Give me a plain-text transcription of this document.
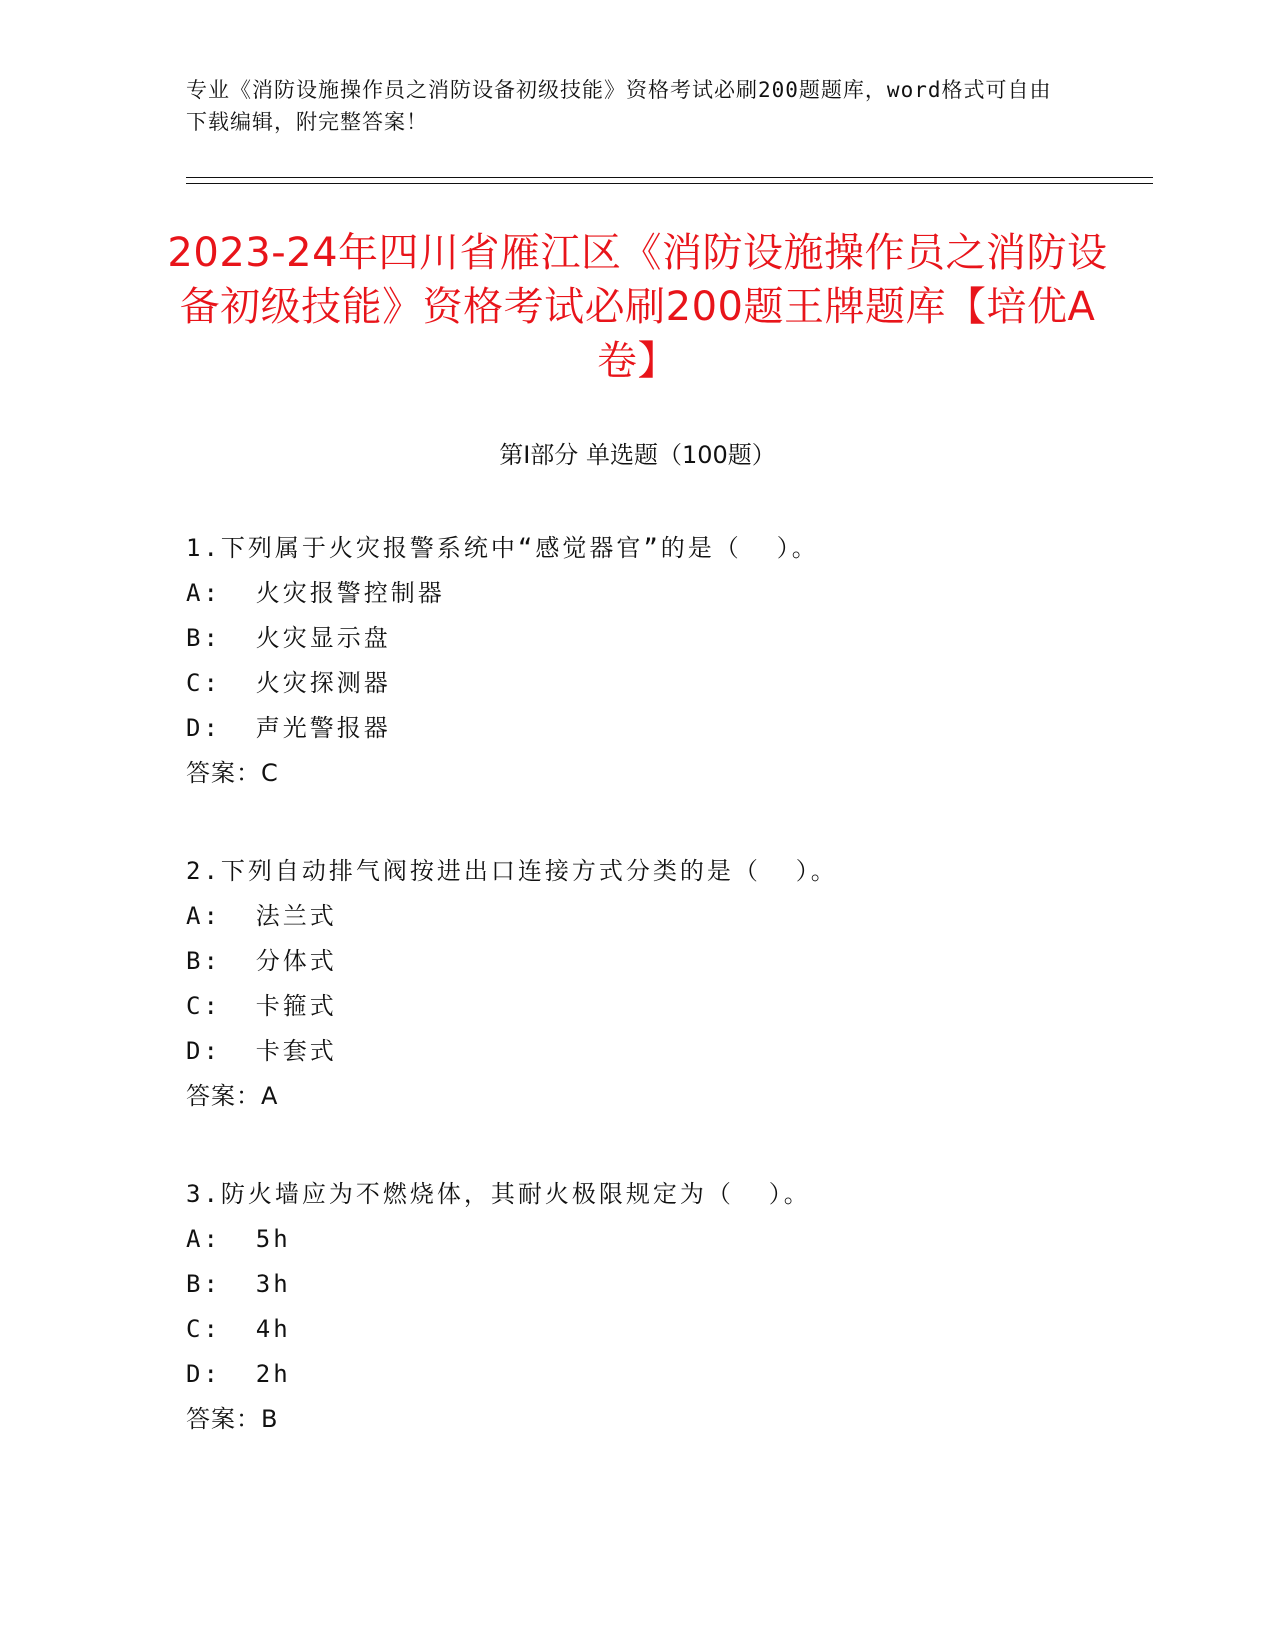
专业《消防设施操作员之消防设备初级技能》资格考试必刷200题题库，word格式可自由下载编辑，附完整答案！
2023-24年四川省雁江区《消防设施操作员之消防设备初级技能》资格考试必刷200题王牌题库【培优A卷】
第I部分 单选题（100题）
1.下列属于火灾报警系统中“感觉器官”的是（  ）。
A:  火灾报警控制器
B:  火灾显示盘
C:  火灾探测器
D:  声光警报器
答案：C
2.下列自动排气阀按进出口连接方式分类的是（  ）。
A:  法兰式
B:  分体式
C:  卡箍式
D:  卡套式
答案：A
3.防火墙应为不燃烧体，其耐火极限规定为（  ）。
A:  5h
B:  3h
C:  4h
D:  2h
答案：B
